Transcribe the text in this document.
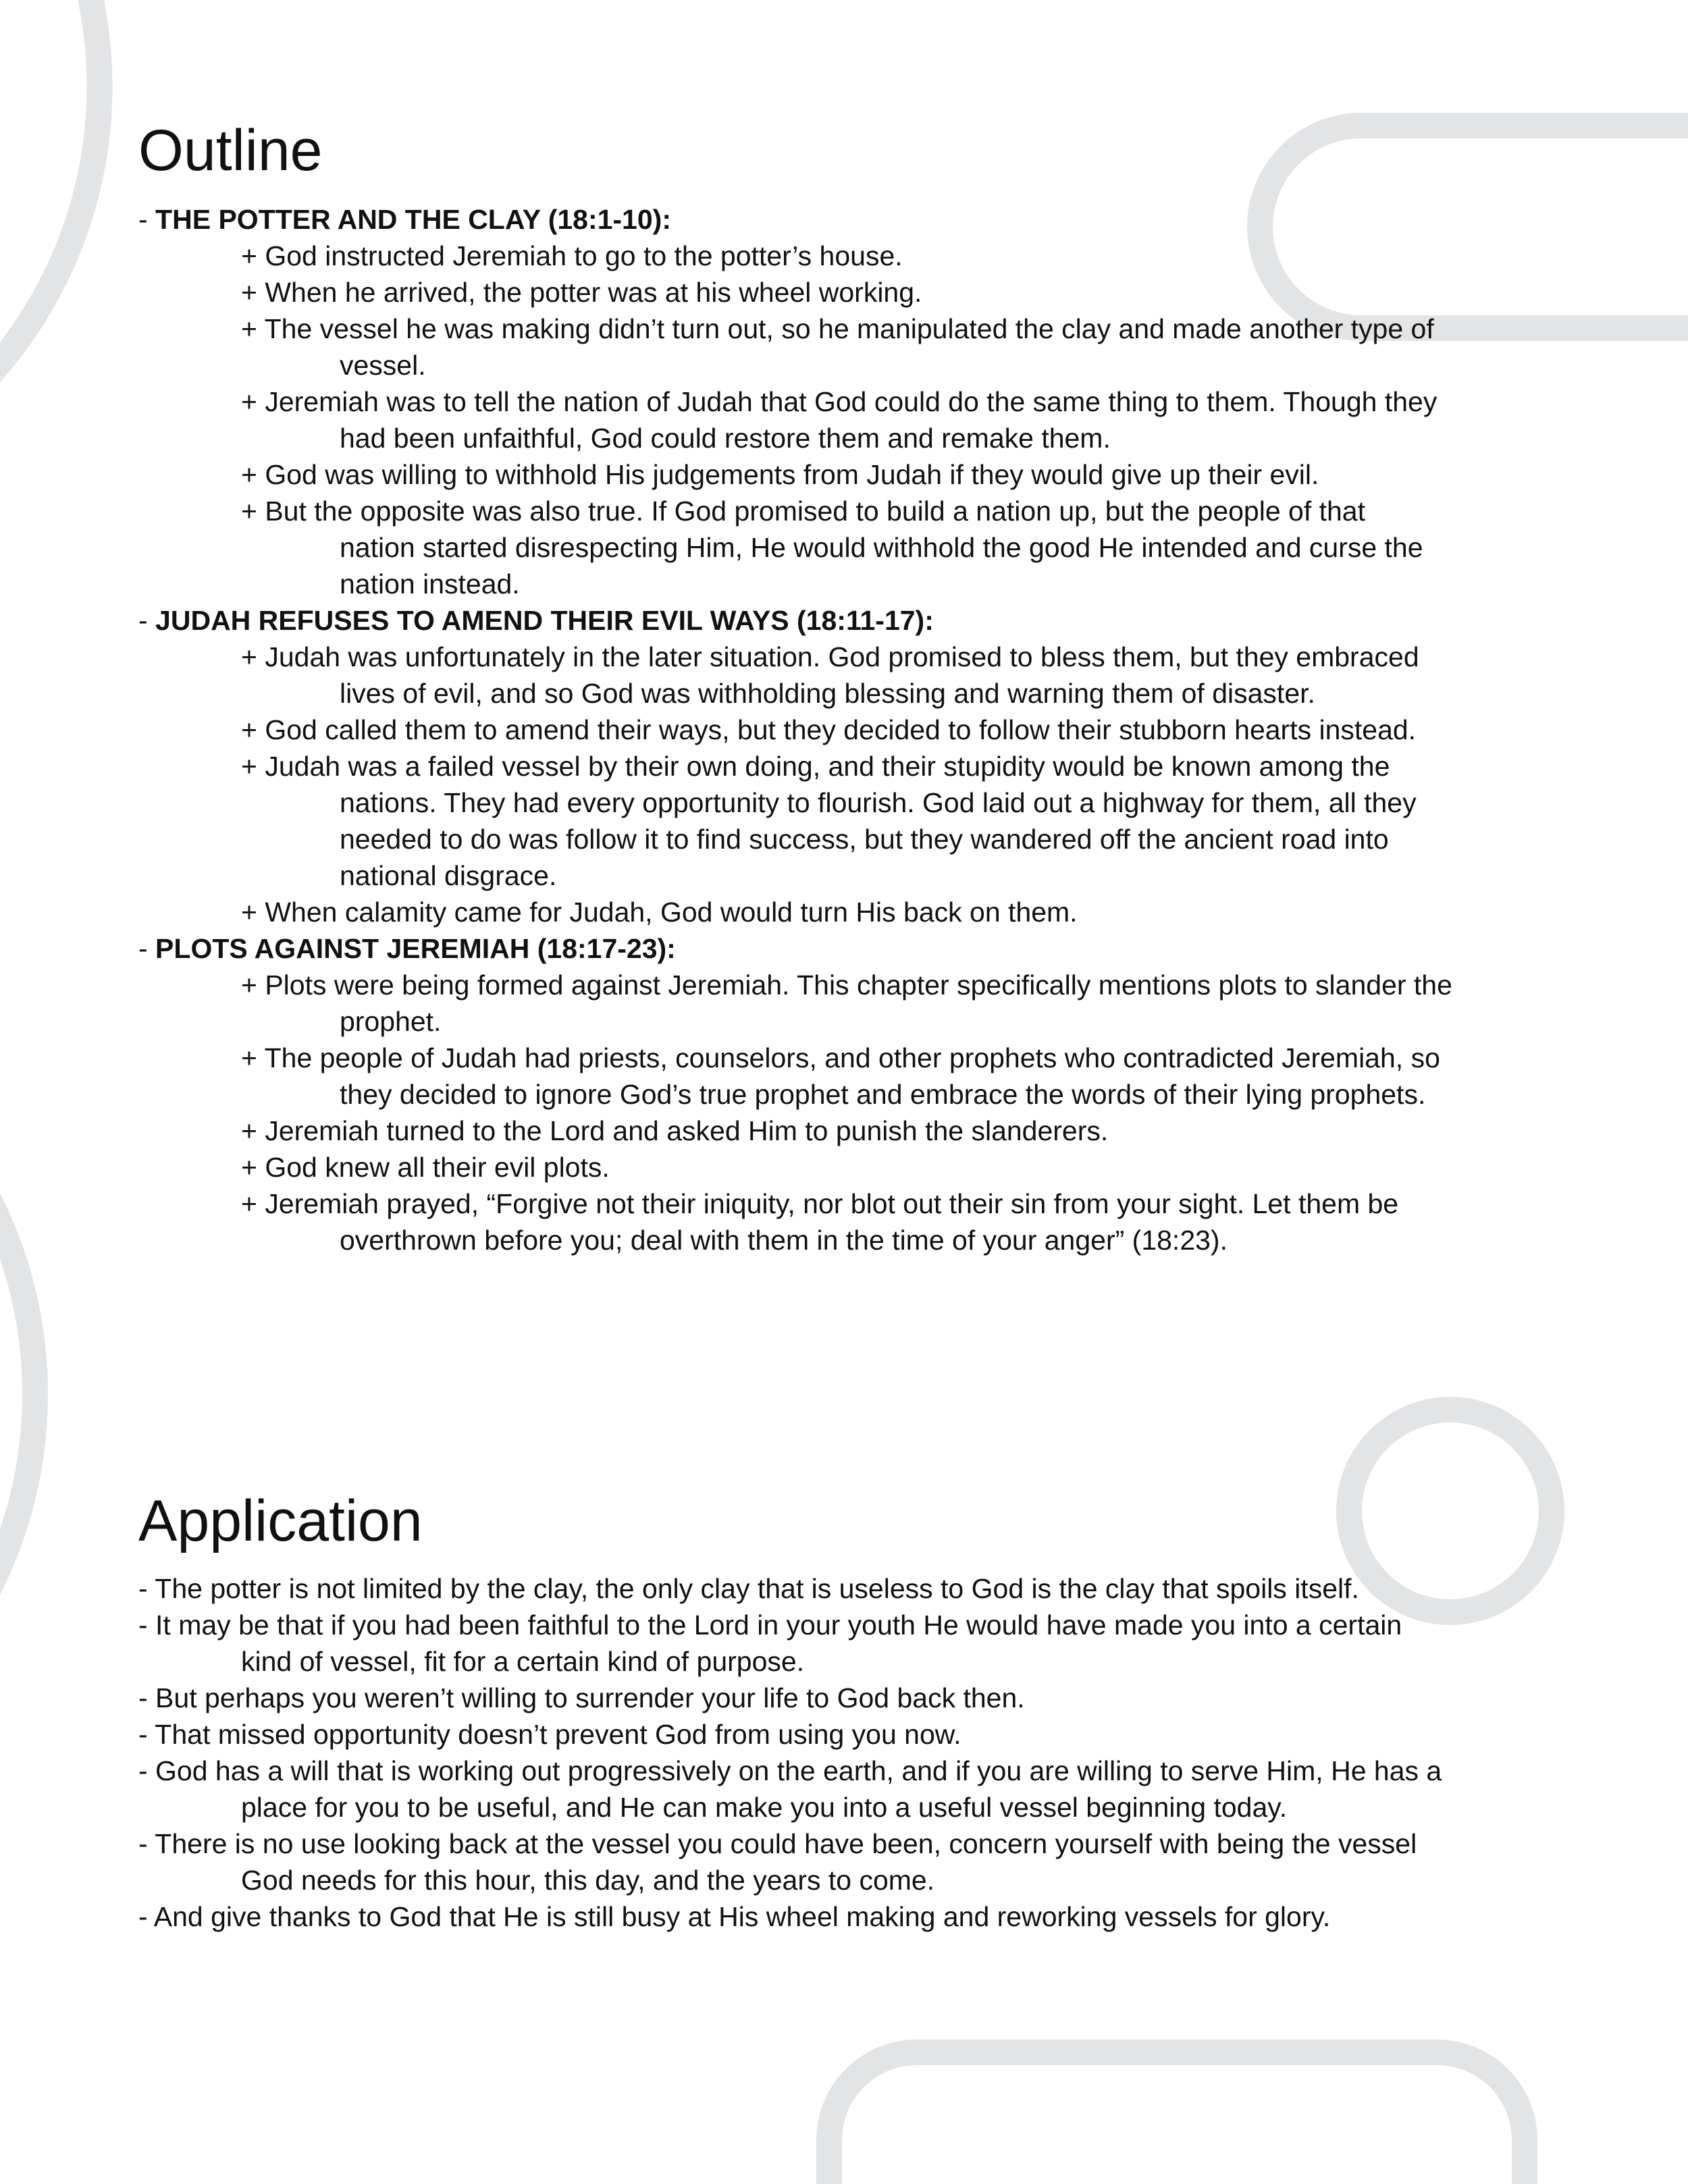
Outline
- THE POTTER AND THE CLAY (18:1-10):
+ God instructed Jeremiah to go to the potter’s house.
+ When he arrived, the potter was at his wheel working.
+ The vessel he was making didn’t turn out, so he manipulated the clay and made another type of
vessel.
+ Jeremiah was to tell the nation of Judah that God could do the same thing to them. Though they
had been unfaithful, God could restore them and remake them.
+ God was willing to withhold His judgements from Judah if they would give up their evil.
+ But the opposite was also true. If God promised to build a nation up, but the people of that
nation started disrespecting Him, He would withhold the good He intended and curse the
nation instead.
- JUDAH REFUSES TO AMEND THEIR EVIL WAYS (18:11-17):
+ Judah was unfortunately in the later situation. God promised to bless them, but they embraced
lives of evil, and so God was withholding blessing and warning them of disaster.
+ God called them to amend their ways, but they decided to follow their stubborn hearts instead.
+ Judah was a failed vessel by their own doing, and their stupidity would be known among the
nations. They had every opportunity to flourish. God laid out a highway for them, all they
needed to do was follow it to find success, but they wandered off the ancient road into
national disgrace.
+ When calamity came for Judah, God would turn His back on them.
- PLOTS AGAINST JEREMIAH (18:17-23):
+ Plots were being formed against Jeremiah. This chapter specifically mentions plots to slander the
prophet.
+ The people of Judah had priests, counselors, and other prophets who contradicted Jeremiah, so
they decided to ignore God’s true prophet and embrace the words of their lying prophets.
+ Jeremiah turned to the Lord and asked Him to punish the slanderers.
+ God knew all their evil plots.
+ Jeremiah prayed, “Forgive not their iniquity, nor blot out their sin from your sight. Let them be
overthrown before you; deal with them in the time of your anger” (18:23).
Application
- The potter is not limited by the clay, the only clay that is useless to God is the clay that spoils itself.
- It may be that if you had been faithful to the Lord in your youth He would have made you into a certain
kind of vessel, fit for a certain kind of purpose.
- But perhaps you weren’t willing to surrender your life to God back then.
- That missed opportunity doesn’t prevent God from using you now.
- God has a will that is working out progressively on the earth, and if you are willing to serve Him, He has a
place for you to be useful, and He can make you into a useful vessel beginning today.
- There is no use looking back at the vessel you could have been, concern yourself with being the vessel
God needs for this hour, this day, and the years to come.
- And give thanks to God that He is still busy at His wheel making and reworking vessels for glory.
